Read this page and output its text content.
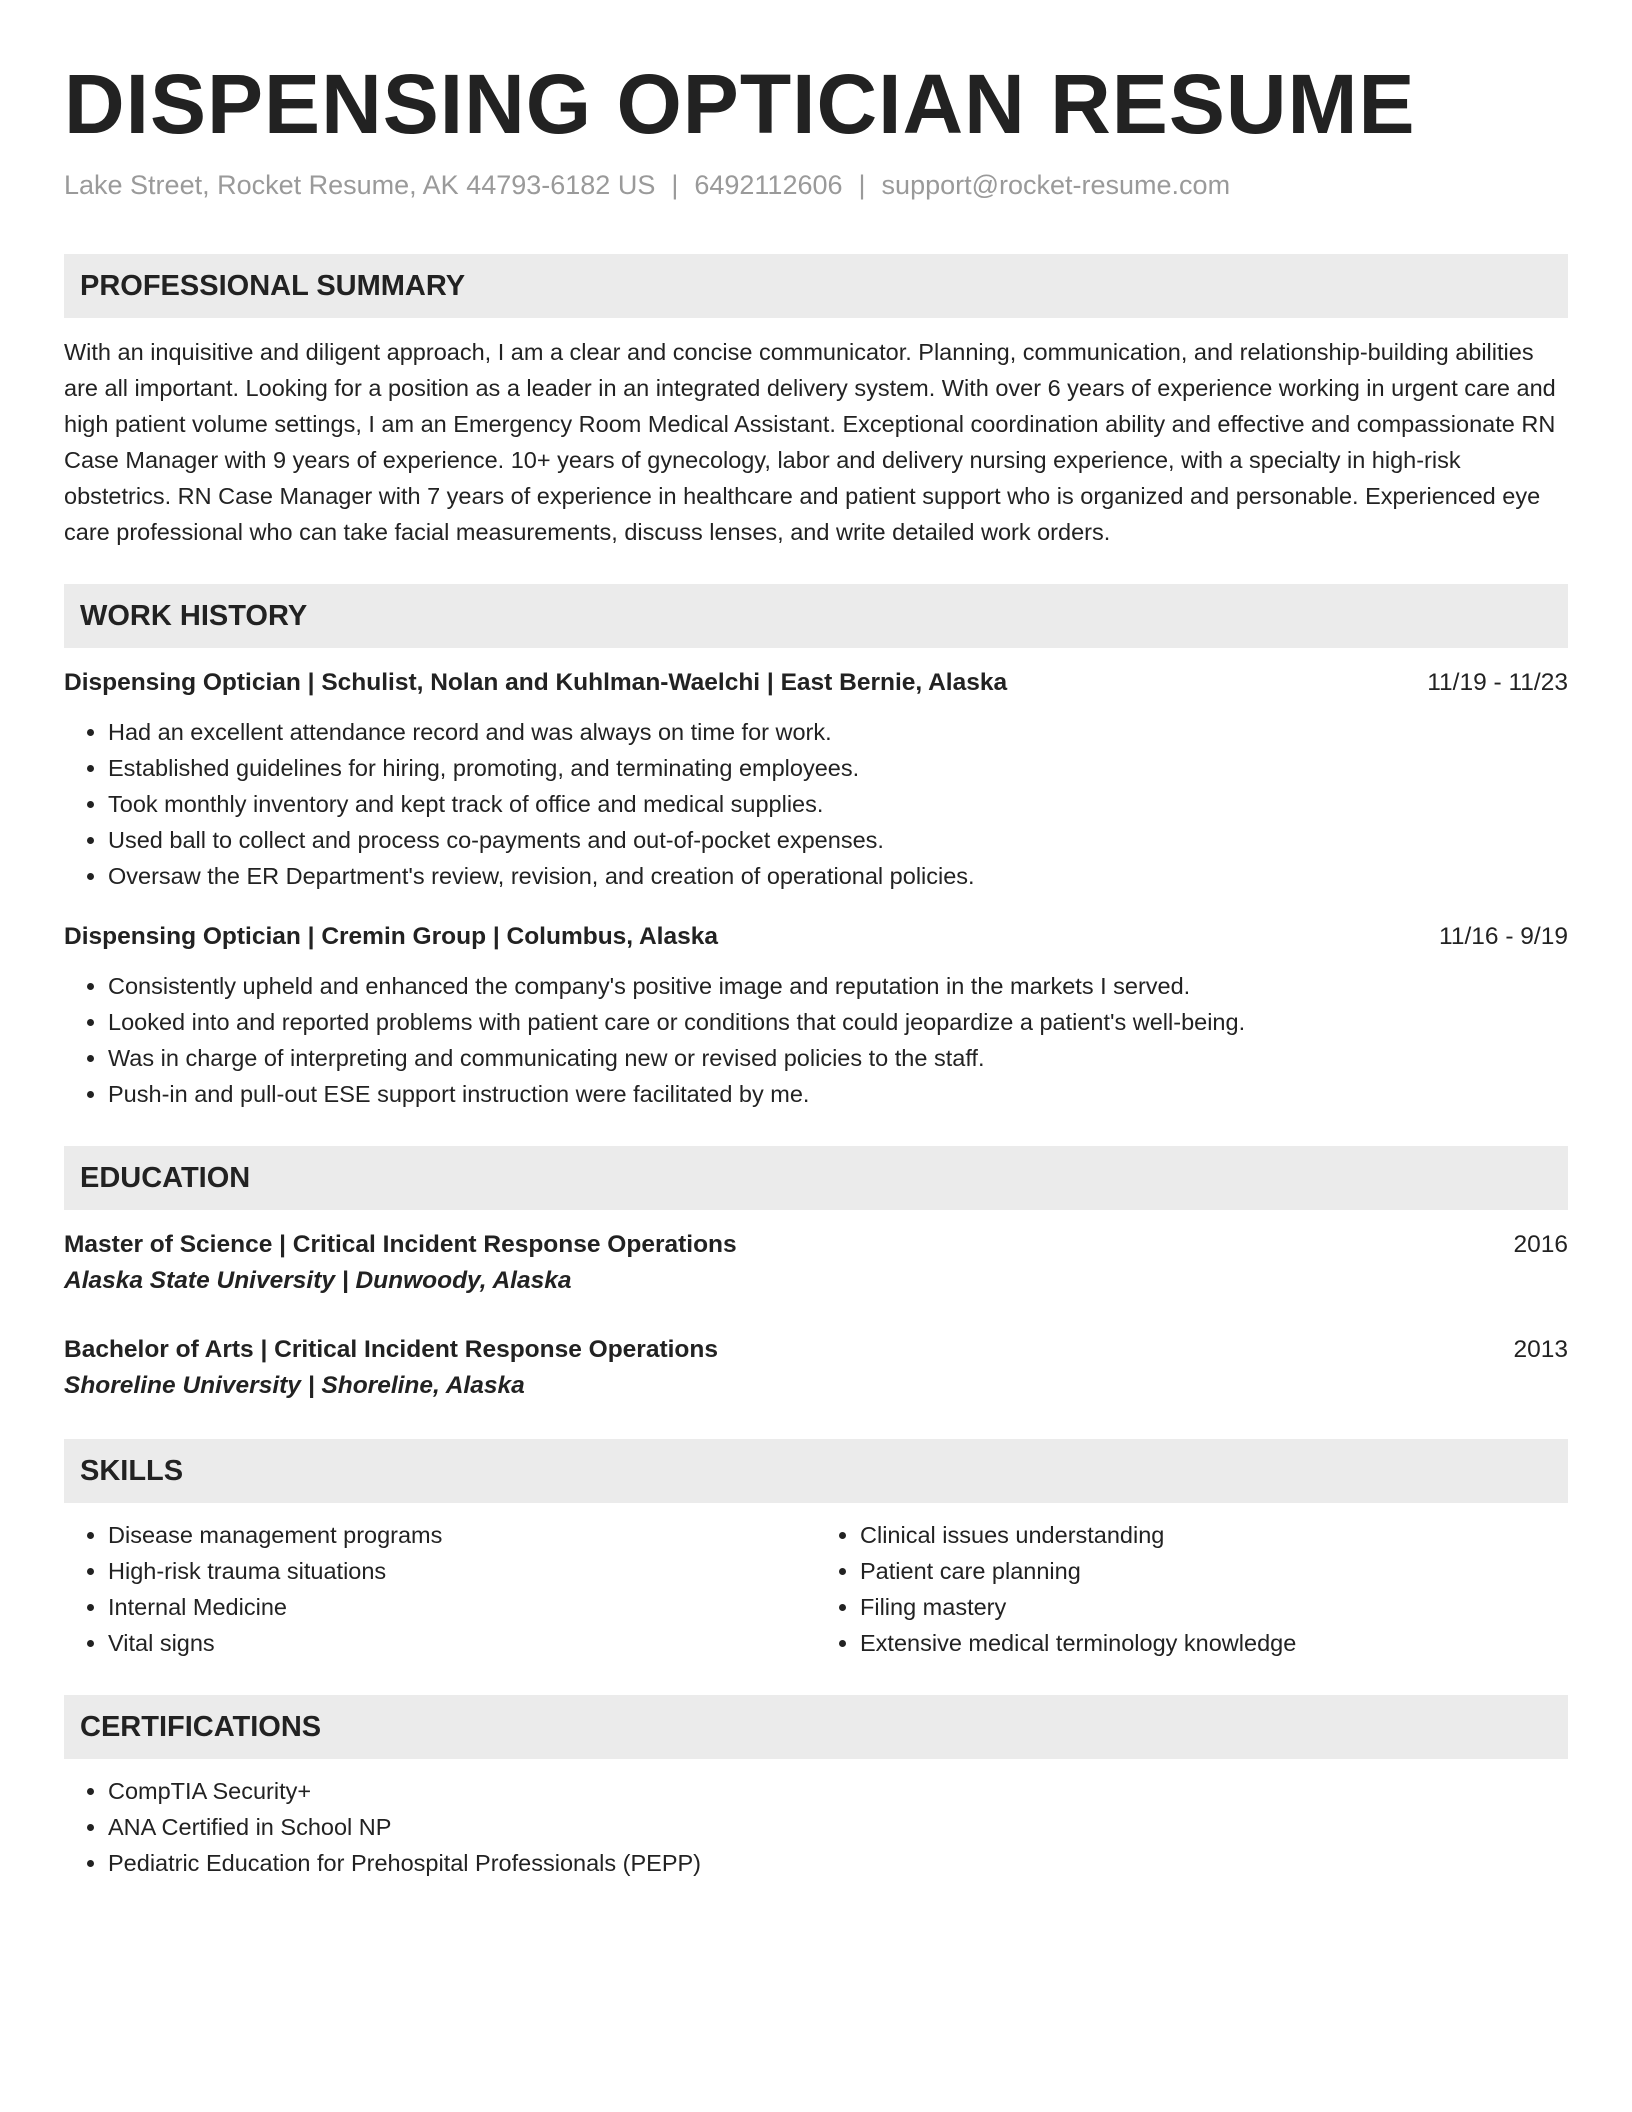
DISPENSING OPTICIAN RESUME
Lake Street, Rocket Resume, AK 44793-6182 US | 6492112606 | support@rocket-resume.com
PROFESSIONAL SUMMARY
With an inquisitive and diligent approach, I am a clear and concise communicator. Planning, communication, and relationship-building abilities are all important. Looking for a position as a leader in an integrated delivery system. With over 6 years of experience working in urgent care and high patient volume settings, I am an Emergency Room Medical Assistant. Exceptional coordination ability and effective and compassionate RN Case Manager with 9 years of experience. 10+ years of gynecology, labor and delivery nursing experience, with a specialty in high-risk obstetrics. RN Case Manager with 7 years of experience in healthcare and patient support who is organized and personable. Experienced eye care professional who can take facial measurements, discuss lenses, and write detailed work orders.
WORK HISTORY
Dispensing Optician | Schulist, Nolan and Kuhlman-Waelchi | East Bernie, Alaska	11/19 - 11/23
• Had an excellent attendance record and was always on time for work.
• Established guidelines for hiring, promoting, and terminating employees.
• Took monthly inventory and kept track of office and medical supplies.
• Used ball to collect and process co-payments and out-of-pocket expenses.
• Oversaw the ER Department's review, revision, and creation of operational policies.
Dispensing Optician | Cremin Group | Columbus, Alaska	11/16 - 9/19
• Consistently upheld and enhanced the company's positive image and reputation in the markets I served.
• Looked into and reported problems with patient care or conditions that could jeopardize a patient's well-being.
• Was in charge of interpreting and communicating new or revised policies to the staff.
• Push-in and pull-out ESE support instruction were facilitated by me.
EDUCATION
Master of Science | Critical Incident Response Operations	2016
Alaska State University | Dunwoody, Alaska
Bachelor of Arts | Critical Incident Response Operations	2013
Shoreline University | Shoreline, Alaska
SKILLS
• Disease management programs
• High-risk trauma situations
• Internal Medicine
• Vital signs
• Clinical issues understanding
• Patient care planning
• Filing mastery
• Extensive medical terminology knowledge
CERTIFICATIONS
• CompTIA Security+
• ANA Certified in School NP
• Pediatric Education for Prehospital Professionals (PEPP)
